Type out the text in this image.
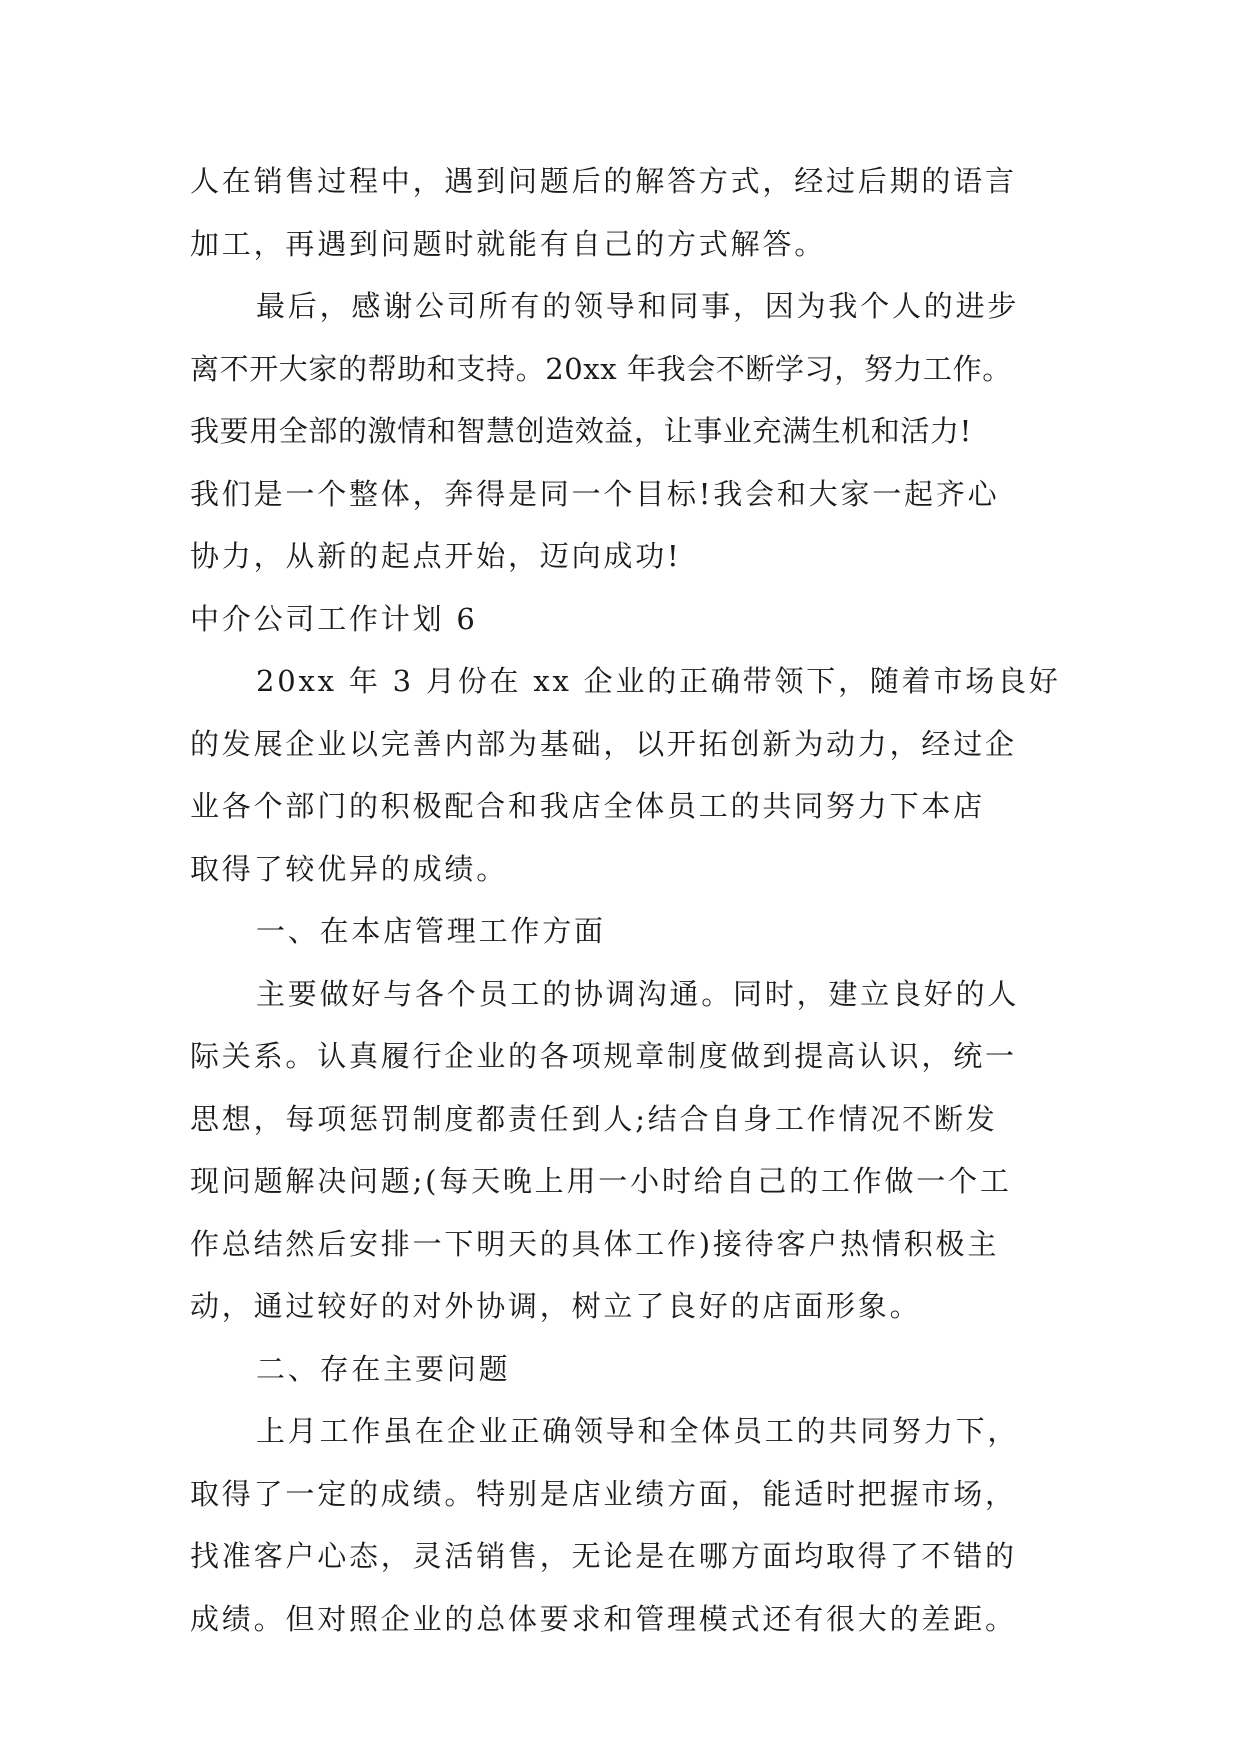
人在销售过程中，遇到问题后的解答方式，经过后期的语言
加工，再遇到问题时就能有自己的方式解答。
最后，感谢公司所有的领导和同事，因为我个人的进步
离不开大家的帮助和支持。20xx 年我会不断学习，努力工作。
我要用全部的激情和智慧创造效益，让事业充满生机和活力!
我们是一个整体，奔得是同一个目标!我会和大家一起齐心
协力，从新的起点开始，迈向成功!
中介公司工作计划 6
20xx 年 3 月份在 xx 企业的正确带领下，随着市场良好
的发展企业以完善内部为基础，以开拓创新为动力，经过企
业各个部门的积极配合和我店全体员工的共同努力下本店
取得了较优异的成绩。
一、在本店管理工作方面
主要做好与各个员工的协调沟通。同时，建立良好的人
际关系。认真履行企业的各项规章制度做到提高认识，统一
思想，每项惩罚制度都责任到人;结合自身工作情况不断发
现问题解决问题;(每天晚上用一小时给自己的工作做一个工
作总结然后安排一下明天的具体工作)接待客户热情积极主
动，通过较好的对外协调，树立了良好的店面形象。
二、存在主要问题
上月工作虽在企业正确领导和全体员工的共同努力下，
取得了一定的成绩。特别是店业绩方面，能适时把握市场，
找准客户心态，灵活销售，无论是在哪方面均取得了不错的
成绩。但对照企业的总体要求和管理模式还有很大的差距。
